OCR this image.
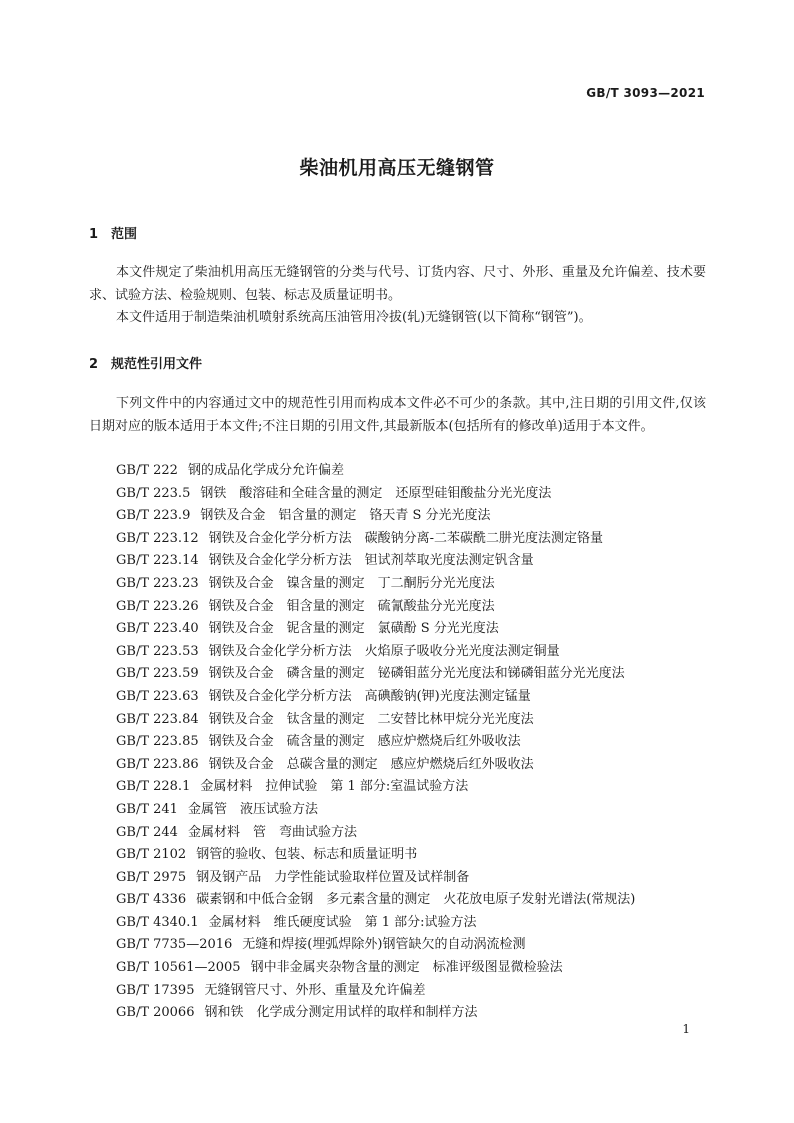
GB/T 3093—2021
柴油机用高压无缝钢管
1 范围
本文件规定了柴油机用高压无缝钢管的分类与代号、订货内容、尺寸、外形、重量及允许偏差、技术要求、试验方法、检验规则、包装、标志及质量证明书。
本文件适用于制造柴油机喷射系统高压油管用冷拔(轧)无缝钢管(以下简称“钢管”)。
2 规范性引用文件
下列文件中的内容通过文中的规范性引用而构成本文件必不可少的条款。其中,注日期的引用文件,仅该日期对应的版本适用于本文件;不注日期的引用文件,其最新版本(包括所有的修改单)适用于本文件。
GB/T 222 钢的成品化学成分允许偏差
GB/T 223.5 钢铁　酸溶硅和全硅含量的测定　还原型硅钼酸盐分光光度法
GB/T 223.9 钢铁及合金　铝含量的测定　铬天青 S 分光光度法
GB/T 223.12 钢铁及合金化学分析方法　碳酸钠分离-二苯碳酰二肼光度法测定铬量
GB/T 223.14 钢铁及合金化学分析方法　钽试剂萃取光度法测定钒含量
GB/T 223.23 钢铁及合金　镍含量的测定　丁二酮肟分光光度法
GB/T 223.26 钢铁及合金　钼含量的测定　硫氰酸盐分光光度法
GB/T 223.40 钢铁及合金　铌含量的测定　氯磺酚 S 分光光度法
GB/T 223.53 钢铁及合金化学分析方法　火焰原子吸收分光光度法测定铜量
GB/T 223.59 钢铁及合金　磷含量的测定　铋磷钼蓝分光光度法和锑磷钼蓝分光光度法
GB/T 223.63 钢铁及合金化学分析方法　高碘酸钠(钾)光度法测定锰量
GB/T 223.84 钢铁及合金　钛含量的测定　二安替比林甲烷分光光度法
GB/T 223.85 钢铁及合金　硫含量的测定　感应炉燃烧后红外吸收法
GB/T 223.86 钢铁及合金　总碳含量的测定　感应炉燃烧后红外吸收法
GB/T 228.1 金属材料　拉伸试验　第 1 部分:室温试验方法
GB/T 241 金属管　液压试验方法
GB/T 244 金属材料　管　弯曲试验方法
GB/T 2102 钢管的验收、包装、标志和质量证明书
GB/T 2975 钢及钢产品　力学性能试验取样位置及试样制备
GB/T 4336 碳素钢和中低合金钢　多元素含量的测定　火花放电原子发射光谱法(常规法)
GB/T 4340.1 金属材料　维氏硬度试验　第 1 部分:试验方法
GB/T 7735—2016 无缝和焊接(埋弧焊除外)钢管缺欠的自动涡流检测
GB/T 10561—2005 钢中非金属夹杂物含量的测定　标准评级图显微检验法
GB/T 17395 无缝钢管尺寸、外形、重量及允许偏差
GB/T 20066 钢和铁　化学成分测定用试样的取样和制样方法
1
